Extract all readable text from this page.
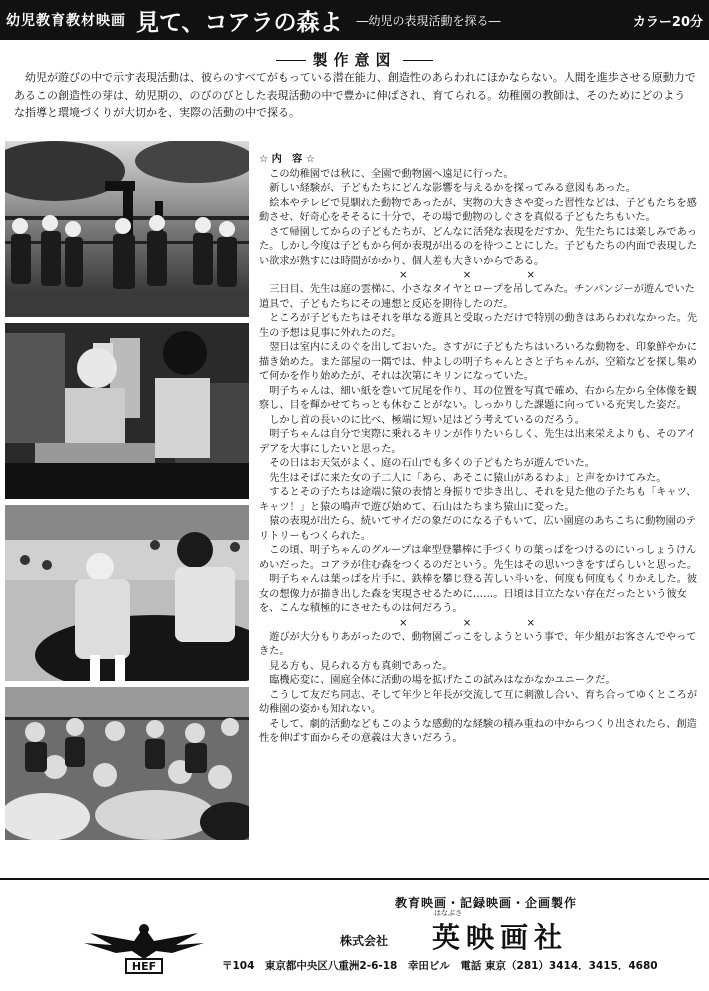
幼児教育教材映画 見て、コアラの森よ ―幼児の表現活動を探る―	カラー20分
製作意図
幼児が遊びの中で示す表現活動は、彼らのすべてがもっている潜在能力、創造性のあらわれにほかならない。人間を進歩させる原動力であるこの創造性の芽は、幼児期の、のびのびとした表現活動の中で豊かに伸ばされ、育てられる。幼稚園の教師は、そのためにどのような指導と環境づくりが大切かを、実際の活動の中で探る。

☆ 内　容 ☆

この幼稚園では秋に、全園で動物園へ遠足に行った。

新しい経験が、子どもたちにどんな影響を与えるかを探ってみる意図もあった。

絵本やテレビで見馴れた動物であったが、実物の大きさや変った習性などは、子どもたちを感動させ、好奇心をそそるに十分で、その場で動物のしぐさを真似る子どもたちもいた。

さて帰園してからの子どもたちが、どんなに活発な表現をだすか、先生たちには楽しみであった。しかし今度は子どもから何か表現が出るのを待つことにした。子どもたちの内面で表現したい欲求が熟すには時間がかかり、個人差も大きいからである。

× × ×

三日目、先生は庭の雲梯に、小さなタイヤとロープを吊してみた。チンパンジーが遊んでいた道具で、子どもたちにその連想と反応を期待したのだ。

ところが子どもたちはそれを単なる遊具と受取っただけで特別の動きはあらわれなかった。先生の予想は見事に外れたのだ。

翌日は室内にえのぐを出しておいた。さすがに子どもたちはいろいろな動物を、印象鮮やかに描き始めた。また部屋の一隅では、仲よしの明子ちゃんとさと子ちゃんが、空箱などを探し集めて何かを作り始めたが、それは次第にキリンになっていた。

明子ちゃんは、細い紙を巻いて尻尾を作り、耳の位置を写真で確め、右から左から全体像を観察し、目を輝かせてちっとも休むことがない。しっかりした課題に向っている充実した姿だ。

しかし首の長いのに比べ、極端に短い足はどう考えているのだろう。

明子ちゃんは自分で実際に乗れるキリンが作りたいらしく、先生は出来栄えよりも、そのアイデアを大事にしたいと思った。

その日はお天気がよく、庭の石山でも多くの子どもたちが遊んでいた。

先生はそばに来た女の子二人に「あら、あそこに猿山があるわよ」と声をかけてみた。

するとその子たちは途端に猿の表情と身振りで歩き出し、それを見た他の子たちも「キャツ、キャツ！」と猿の鳴声で遊び始めて、石山はたちまち猿山に変った。

猿の表現が出たら、続いてサイだの象だのになる子もいて、広い園庭のあちこちに動物園のテリトリーもつくられた。

この頃、明子ちゃんのグループは傘型登攀棒に手づくりの葉っぱをつけるのにいっしょうけんめいだった。コアラが住む森をつくるのだという。先生はその思いつきをすばらしいと思った。

明子ちゃんは葉っぱを片手に、鉄棒を攀じ登る苦しい斗いを、何度も何度もくりかえした。彼女の想像力が描き出した森を実現させるために……。日頃は目立たない存在だったという彼女を、こんな積極的にさせたものは何だろう。

× × ×

遊びが大分もりあがったので、動物園ごっこをしようという事で、年少組がお客さんでやってきた。

見る方も、見られる方も真剣であった。

臨機応変に、園庭全体に活動の場を拡げたこの試みはなかなかユニークだ。

こうして友だち同志、そして年少と年長が交流して互に刺激し合い、育ち合ってゆくところが幼稚園の姿かも知れない。

そして、劇的活動などもこのような感動的な経験の積み重ねの中からつくり出されたら、創造性を伸ばす面からその意義は大きいだろう。

HEF
教育映画・記録映画・企画製作
株式会社
はなぶさ
英映画社
〒104　東京都中央区八重洲2-6-18　幸田ビル　電話 東京（281）3414．3415．4680
